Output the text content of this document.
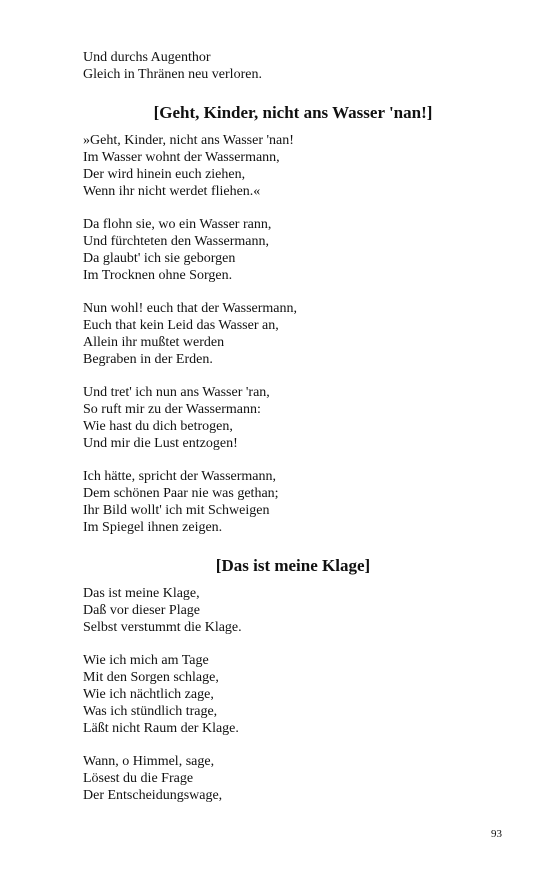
Und durchs Augenthor
Gleich in Thränen neu verloren.
[Geht, Kinder, nicht ans Wasser 'nan!]
»Geht, Kinder, nicht ans Wasser 'nan!
Im Wasser wohnt der Wassermann,
Der wird hinein euch ziehen,
Wenn ihr nicht werdet fliehen.«
Da flohn sie, wo ein Wasser rann,
Und fürchteten den Wassermann,
Da glaubt' ich sie geborgen
Im Trocknen ohne Sorgen.
Nun wohl! euch that der Wassermann,
Euch that kein Leid das Wasser an,
Allein ihr mußtet werden
Begraben in der Erden.
Und tret' ich nun ans Wasser 'ran,
So ruft mir zu der Wassermann:
Wie hast du dich betrogen,
Und mir die Lust entzogen!
Ich hätte, spricht der Wassermann,
Dem schönen Paar nie was gethan;
Ihr Bild wollt' ich mit Schweigen
Im Spiegel ihnen zeigen.
[Das ist meine Klage]
Das ist meine Klage,
Daß vor dieser Plage
Selbst verstummt die Klage.
Wie ich mich am Tage
Mit den Sorgen schlage,
Wie ich nächtlich zage,
Was ich stündlich trage,
Läßt nicht Raum der Klage.
Wann, o Himmel, sage,
Lösest du die Frage
Der Entscheidungswage,
93
